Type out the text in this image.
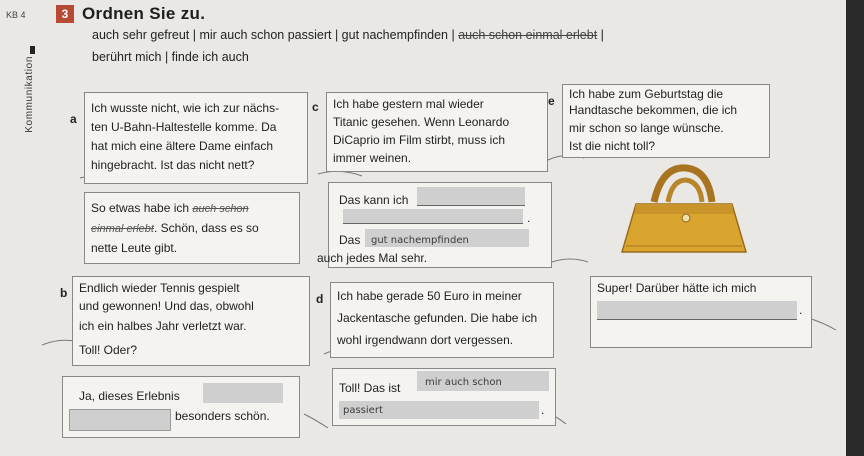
KB 4	3 Ordnen Sie zu.
Kommunikation
auch sehr gefreut | mir auch schon passiert | gut nachempfinden | auch schon einmal erlebt |
berührt mich | finde ich auch
a
Ich wusste nicht, wie ich zur nächs-
ten U-Bahn-Haltestelle komme. Da
hat mich eine ältere Dame einfach
hingebracht. Ist das nicht nett?
So etwas habe ich auch schon
einmal erlebt. Schön, dass es so
nette Leute gibt.
c Ich habe gestern mal wieder
Titanic gesehen. Wenn Leonardo
DiCaprio im Film stirbt, muss ich
immer weinen.
Das kann ich
.
Das gut nachempfinden
auch jedes Mal sehr.
e Ich habe zum Geburtstag die
Handtasche bekommen, die ich
mir schon so lange wünsche.
Ist die nicht toll?
b Endlich wieder Tennis gespielt
und gewonnen! Und das, obwohl
ich ein halbes Jahr verletzt war.
Toll! Oder?
Ja, dieses Erlebnis
besonders schön.
d Ich habe gerade 50 Euro in meiner
Jackentasche gefunden. Die habe ich
wohl irgendwann dort vergessen.
Toll! Das ist mir auch schon
passiert	.
Super! Darüber hätte ich mich
.
